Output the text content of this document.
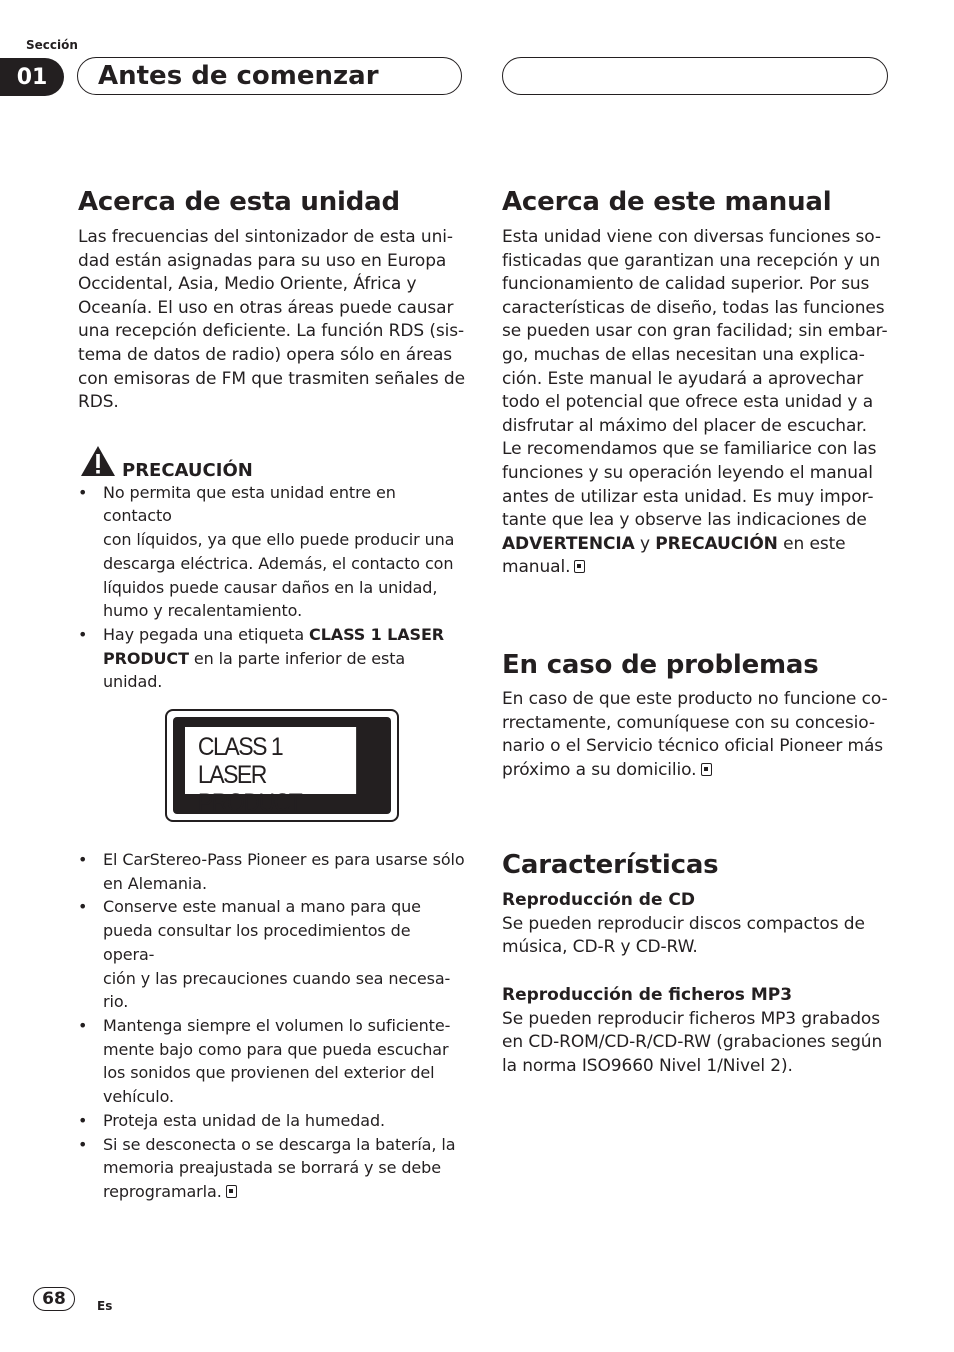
Sección
01	Antes de comenzar
Acerca de esta unidad

Las frecuencias del sintonizador de esta uni-
dad están asignadas para su uso en Europa
Occidental, Asia, Medio Oriente, África y
Oceanía. El uso en otras áreas puede causar
una recepción deficiente. La función RDS (sis-
tema de datos de radio) opera sólo en áreas
con emisoras de FM que trasmiten señales de
RDS.

PRECAUCIÓN
• No permita que esta unidad entre en contacto
con líquidos, ya que ello puede producir una
descarga eléctrica. Además, el contacto con
líquidos puede causar daños en la unidad,
humo y recalentamiento.
• Hay pegada una etiqueta CLASS 1 LASER
PRODUCT en la parte inferior de esta unidad.
CLASS 1
LASER PRODUCT
• El CarStereo-Pass Pioneer es para usarse sólo
en Alemania.
• Conserve este manual a mano para que
pueda consultar los procedimientos de opera-
ción y las precauciones cuando sea necesa-
rio.
• Mantenga siempre el volumen lo suficiente-
mente bajo como para que pueda escuchar
los sonidos que provienen del exterior del
vehículo.
• Proteja esta unidad de la humedad.
• Si se desconecta o se descarga la batería, la
memoria preajustada se borrará y se debe
reprogramarla.
Acerca de este manual

Esta unidad viene con diversas funciones so-
fisticadas que garantizan una recepción y un
funcionamiento de calidad superior. Por sus
características de diseño, todas las funciones
se pueden usar con gran facilidad; sin embar-
go, muchas de ellas necesitan una explica-
ción. Este manual le ayudará a aprovechar
todo el potencial que ofrece esta unidad y a
disfrutar al máximo del placer de escuchar.
Le recomendamos que se familiarice con las
funciones y su operación leyendo el manual
antes de utilizar esta unidad. Es muy impor-
tante que lea y observe las indicaciones de
ADVERTENCIA y PRECAUCIÓN en este
manual.

En caso de problemas

En caso de que este producto no funcione co-
rrectamente, comuníquese con su concesio-
nario o el Servicio técnico oficial Pioneer más
próximo a su domicilio.

Características

Reproducción de CD

Se pueden reproducir discos compactos de
música, CD-R y CD-RW.

Reproducción de ficheros MP3

Se pueden reproducir ficheros MP3 grabados
en CD-ROM/CD-R/CD-RW (grabaciones según
la norma ISO9660 Nivel 1/Nivel 2).

68	Es
